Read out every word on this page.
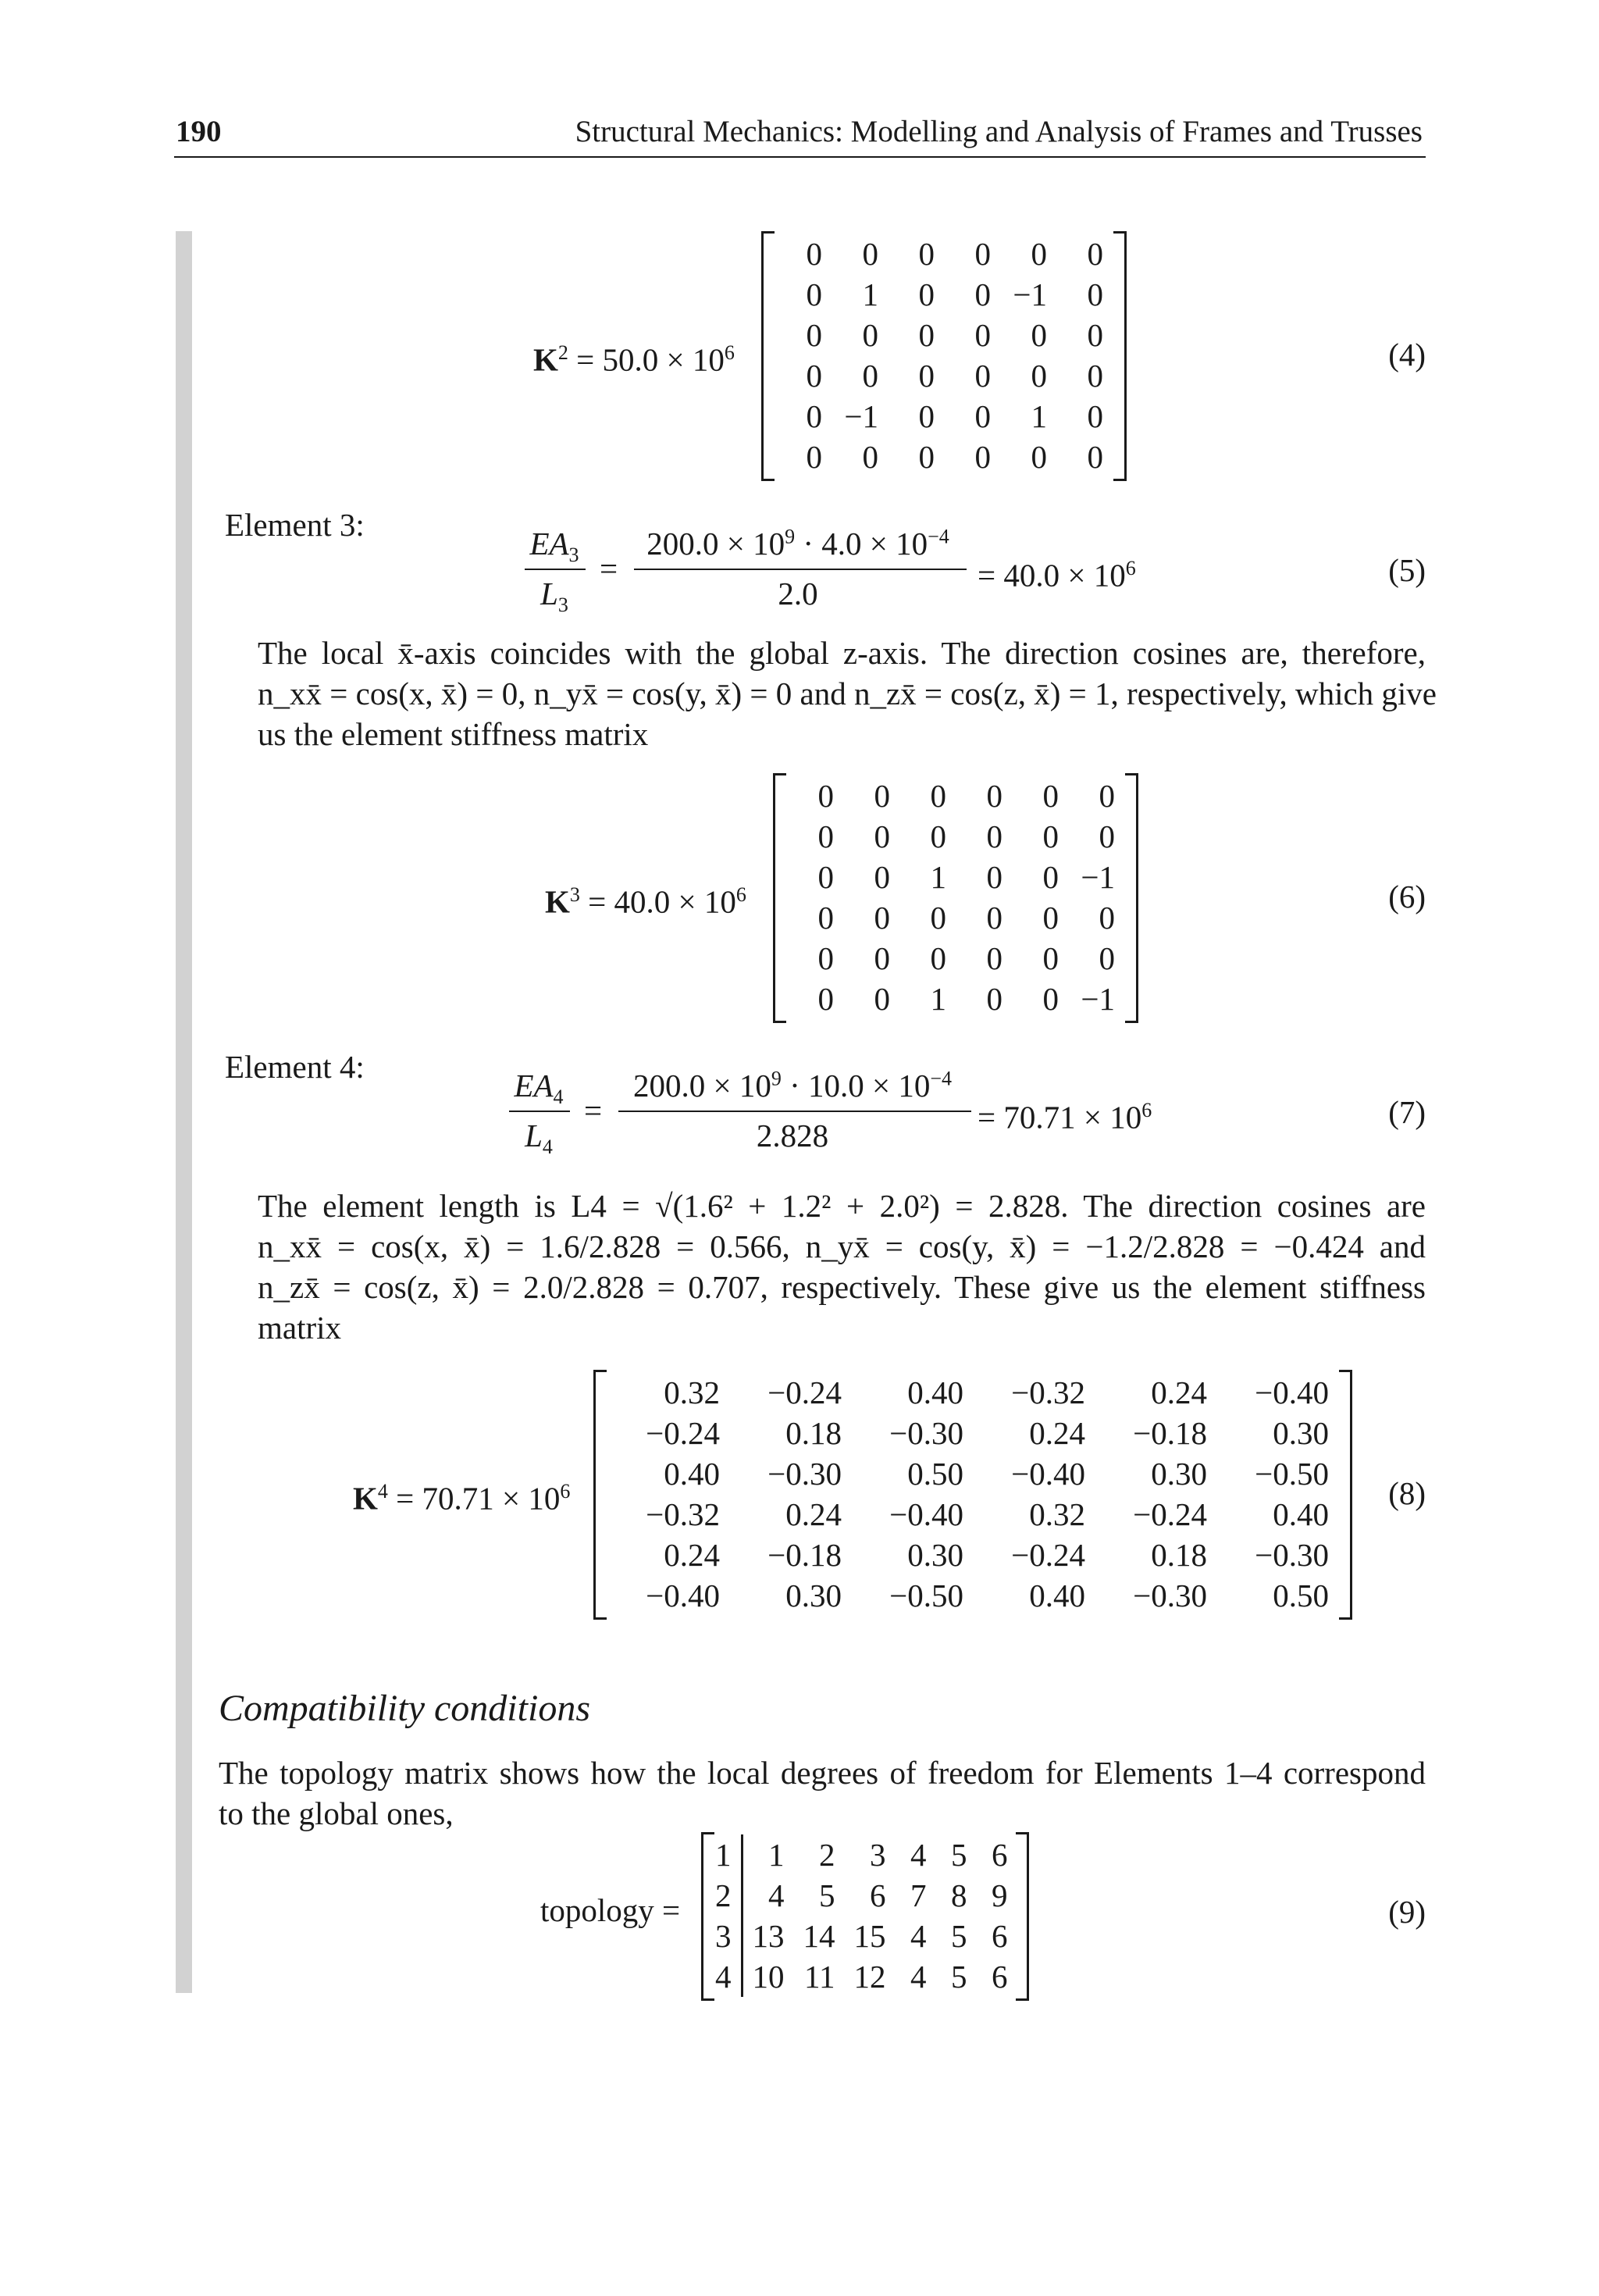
190	Structural Mechanics: Modelling and Analysis of Frames and Trusses
$K^2 = 50.0 \times 10^6$
0	0	0	0	0	0
0	1	0	0	−1	0
0	0	0	0	0	0
0	0	0	0	0	0
0	−1	0	0	1	0
0	0	0	0	0	0
(4)
Element 3:
$EA_3$
$L_3$
=
$200.0 \times 10^9 \cdot 4.0 \times 10^{-4}$
2.0
= $40.0 \times 10^6$	(5)
The local x̄-axis coincides with the global z-axis. The direction cosines are, therefore,
n_xx̄ = cos(x, x̄) = 0, n_yx̄ = cos(y, x̄) = 0 and n_zx̄ = cos(z, x̄) = 1, respectively, which give
us the element stiffness matrix
$K^3 = 40.0 \times 10^6$
0	0	0	0	0	0
0	0	0	0	0	0
0	0	1	0	0	−1
0	0	0	0	0	0
0	0	0	0	0	0
0	0	1	0	0	−1
(6)
Element 4:
$EA_4$
$L_4$
=
$200.0 \times 10^9 \cdot 10.0 \times 10^{-4}$
2.828
= $70.71 \times 10^6$	(7)
The element length is L4 = √(1.6² + 1.2² + 2.0²) = 2.828. The direction cosines are
n_xx̄ = cos(x, x̄) = 1.6/2.828 = 0.566, n_yx̄ = cos(y, x̄) = −1.2/2.828 = −0.424 and
n_zx̄ = cos(z, x̄) = 2.0/2.828 = 0.707, respectively. These give us the element stiffness
matrix
$K^4 = 70.71 \times 10^6$
0.32	−0.24	0.40	−0.32	0.24	−0.40
−0.24	0.18	−0.30	0.24	−0.18	0.30
0.40	−0.30	0.50	−0.40	0.30	−0.50
−0.32	0.24	−0.40	0.32	−0.24	0.40
0.24	−0.18	0.30	−0.24	0.18	−0.30
−0.40	0.30	−0.50	0.40	−0.30	0.50
(8)
Compatibility conditions
The topology matrix shows how the local degrees of freedom for Elements 1–4 correspond
to the global ones,
topology =
1	1	2	3	4	5	6
2	4	5	6	7	8	9
3	13	14	15	4	5	6
4	10	11	12	4	5	6
(9)
